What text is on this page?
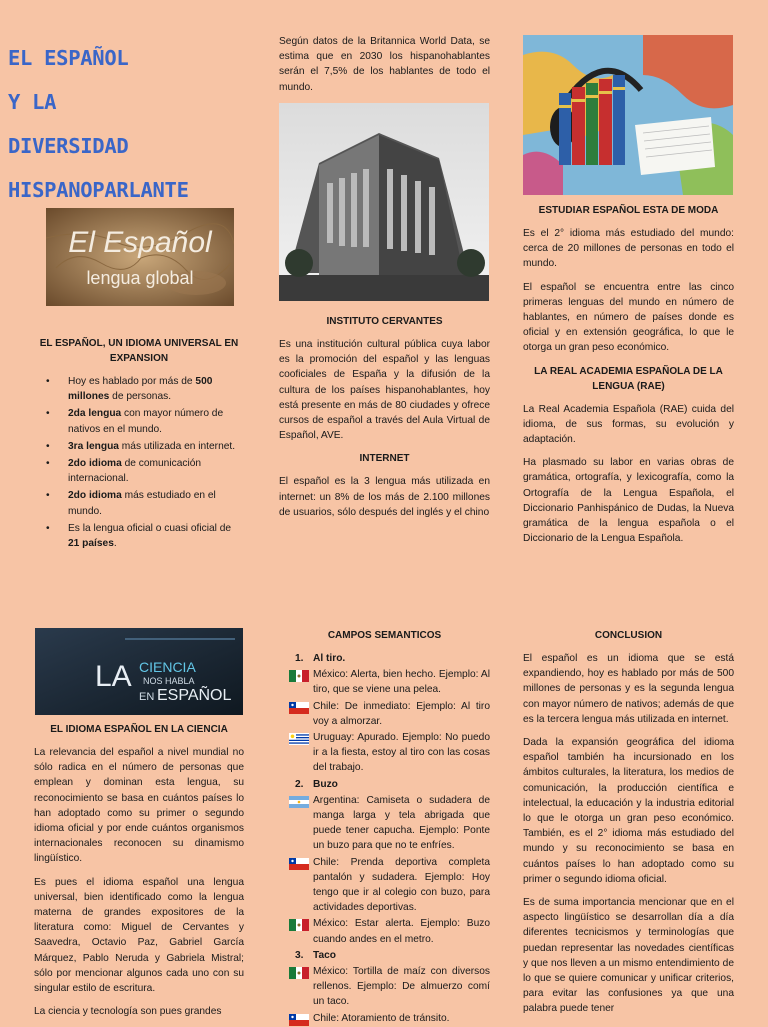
EL ESPAÑOL
Y LA
DIVERSIDAD
HISPANOPARLANTE
El Español
lengua global
EL ESPAÑOL, UN IDIOMA UNIVERSAL EN EXPANSION
• Hoy es hablado por más de 500 millones de personas.
• 2da lengua con mayor número de nativos en el mundo.
• 3ra lengua más utilizada en internet.
• 2do idioma de comunicación internacional.
• 2do idioma más estudiado en el mundo.
• Es la lengua oficial o cuasi oficial de 21 países.

Según datos de la Britannica World Data, se estima que en 2030 los hispanohablantes serán el 7,5% de los hablantes de todo el mundo.

INSTITUTO CERVANTES

Es una institución cultural pública cuya labor es la promoción del español y las lenguas cooficiales de España y la difusión de la cultura de los países hispanohablantes, hoy está presente en más de 80 ciudades y ofrece cursos de español a través del Aula Virtual de Español, AVE.

INTERNET

El español es la 3 lengua más utilizada en internet: un 8% de los más de 2.100 millones de usuarios, sólo después del inglés y el chino

ESTUDIAR ESPAÑOL ESTA DE MODA

Es el 2° idioma más estudiado del mundo: cerca de 20 millones de personas en todo el mundo.

El español se encuentra entre las cinco primeras lenguas del mundo en número de hablantes, en número de países donde es oficial y en extensión geográfica, lo que le otorga un gran peso económico.

LA REAL ACADEMIA ESPAÑOLA DE LA LENGUA (RAE)

La Real Academia Española (RAE) cuida del idioma, de sus formas, su evolución y adaptación.

Ha plasmado su labor en varias obras de gramática, ortografía, y lexicografía, como la Ortografía de la Lengua Española, el Diccionario Panhispánico de Dudas, la Nueva gramática de la lengua española o el Diccionario de la Lengua Española.

LA CIENCIA
NOS HABLA
EN ESPAÑOL
EL IDIOMA ESPAÑOL EN LA CIENCIA

La relevancia del español a nivel mundial no sólo radica en el número de personas que emplean y dominan esta lengua, su reconocimiento se basa en cuántos países lo han adoptado como su primer o segundo idioma oficial y por ende cuántos organismos internacionales reconocen su dinamismo lingüístico.

Es pues el idioma español una lengua universal, bien identificado como la lengua materna de grandes expositores de la literatura como: Miguel de Cervantes y Saavedra, Octavio Paz, Gabriel García Márquez, Pablo Neruda y Gabriela Mistral; sólo por mencionar algunos cada uno con su singular estilo de escritura.

La ciencia y tecnología son pues grandes

CAMPOS SEMANTICOS
1. Al tiro.
México: Alerta, bien hecho. Ejemplo: Al tiro, que se viene una pelea.
Chile: De inmediato: Ejemplo: Al tiro voy a almorzar.
Uruguay: Apurado. Ejemplo: No puedo ir a la fiesta, estoy al tiro con las cosas del trabajo.
2. Buzo
Argentina: Camiseta o sudadera de manga larga y tela abrigada que puede tener capucha. Ejemplo: Ponte un buzo para que no te enfríes.
Chile: Prenda deportiva completa pantalón y sudadera. Ejemplo: Hoy tengo que ir al colegio con buzo, para actividades deportivas.
México: Estar alerta. Ejemplo: Buzo cuando andes en el metro.
3. Taco
México: Tortilla de maíz con diversos rellenos. Ejemplo: De almuerzo comí un taco.
Chile: Atoramiento de tránsito.
CONCLUSION

El español es un idioma que se está expandiendo, hoy es hablado por más de 500 millones de personas y es la segunda lengua con mayor número de nativos; además de que es la tercera lengua más utilizada en internet.

Dada la expansión geográfica del idioma español también ha incursionado en los ámbitos culturales, la literatura, los medios de comunicación, la producción científica e intelectual, la educación y la industria editorial lo que le otorga un gran peso económico. También, es el 2° idioma más estudiado del mundo y su reconocimiento se basa en cuántos países lo han adoptado como su primer o segundo idioma oficial.

Es de suma importancia mencionar que en el aspecto lingüístico se desarrollan día a día diferentes tecnicismos y terminologías que puedan representar las novedades científicas y que nos lleven a un mismo entendimiento de lo que se quiere comunicar y unificar criterios, para evitar las confusiones ya que una palabra puede tener
